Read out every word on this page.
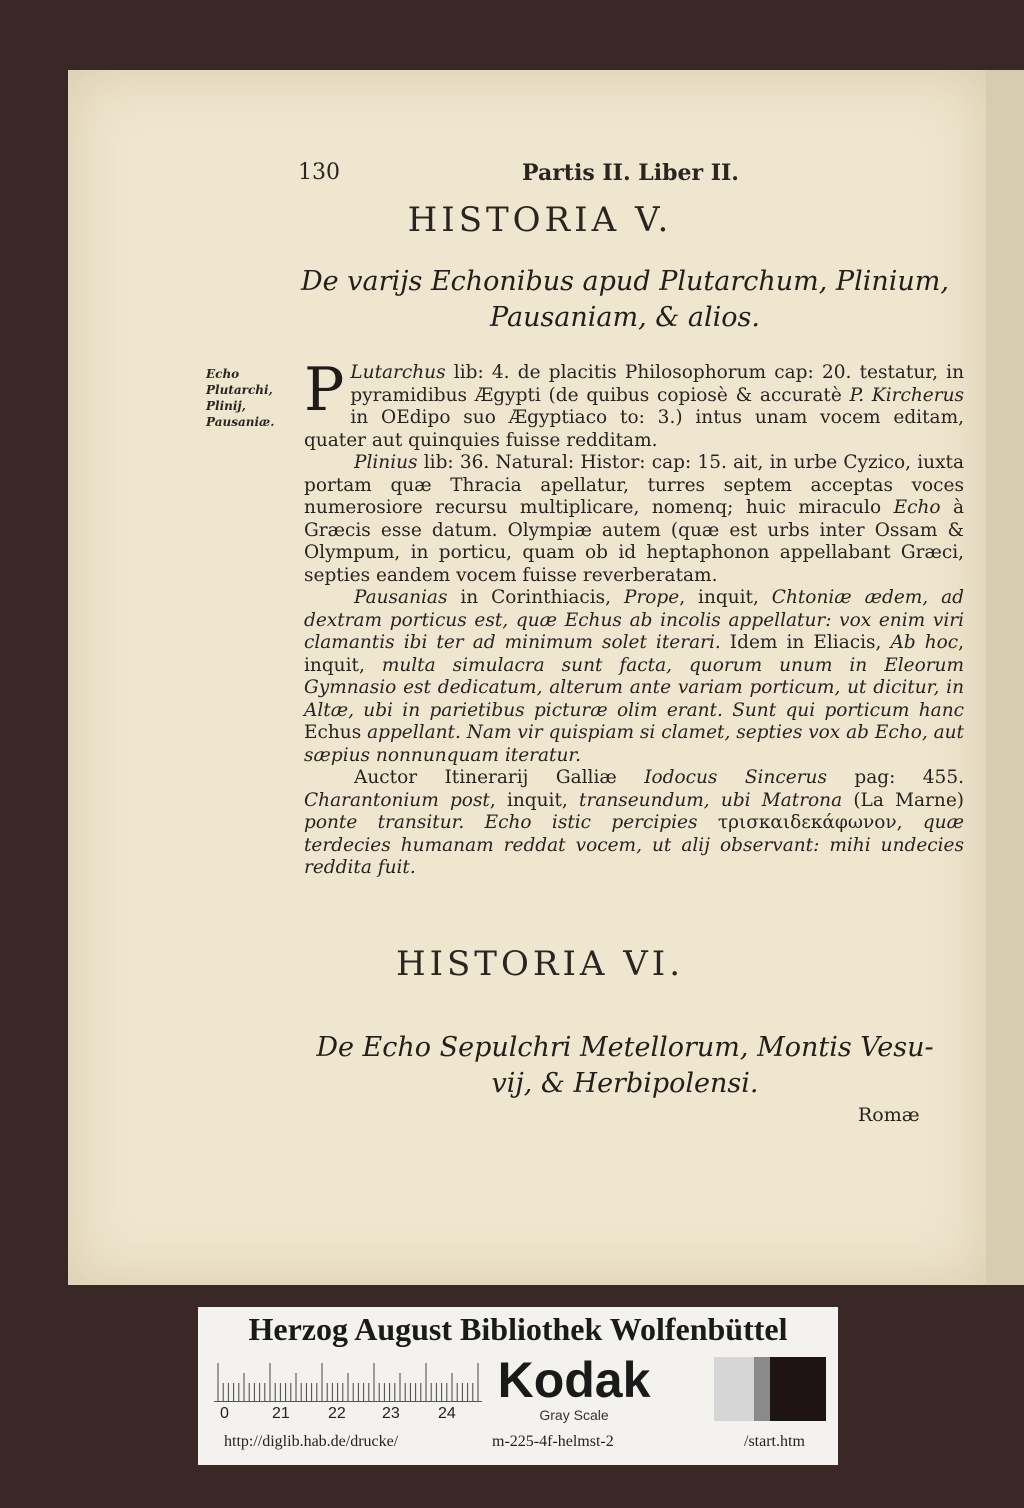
130	Partis II. Liber II.
HISTORIA V.
De varijs Echonibus apud Plutarchum, Plinium,
Pausaniam, & alios.
Echo Plutarchi, Plinij, Pausaniæ. P Lutarchus lib: 4. de placitis Philosophorum cap: 20. testatur, in pyramidibus Ægypti (de quibus copiosè & accuratè P. Kircherus in OEdipo suo Ægyptiaco to: 3.) intus unam vocem editam, quater aut quinquies fuisse redditam.

Plinius lib: 36. Natural: Histor: cap: 15. ait, in urbe Cyzico, iuxta portam quæ Thracia apellatur, turres septem acceptas voces numerosiore recursu multiplicare, nomenq; huic miraculo Echo à Græcis esse datum. Olympiæ autem (quæ est urbs inter Ossam & Olympum, in porticu, quam ob id heptaphonon appellabant Græci, septies eandem vocem fuisse reverberatam.

Pausanias in Corinthiacis, Prope, inquit, Chtoniæ ædem, ad dextram porticus est, quæ Echus ab incolis appellatur: vox enim viri clamantis ibi ter ad minimum solet iterari. Idem in Eliacis, Ab hoc, inquit, multa simulacra sunt facta, quorum unum in Eleorum Gymnasio est dedicatum, alterum ante variam porticum, ut dicitur, in Altæ, ubi in parietibus picturæ olim erant. Sunt qui porticum hanc Echus appellant. Nam vir quispiam si clamet, septies vox ab Echo, aut sæpius nonnunquam iteratur.

Auctor Itinerarij Galliæ Iodocus Sincerus pag: 455. Charantonium post, inquit, transeundum, ubi Matrona (La Marne) ponte transitur. Echo istic percipies τρισκαιδεκάφωνον, quæ terdecies humanam reddat vocem, ut alij observant: mihi undecies reddita fuit.

HISTORIA VI.
De Echo Sepulchri Metellorum, Montis Vesu-
vij, & Herbipolensi.
Romæ
Herzog August Bibliothek Wolfenbüttel
0	21 22 23 24
Kodak
Gray Scale
http://diglib.hab.de/drucke/	m-225-4f-helmst-2	/start.htm
